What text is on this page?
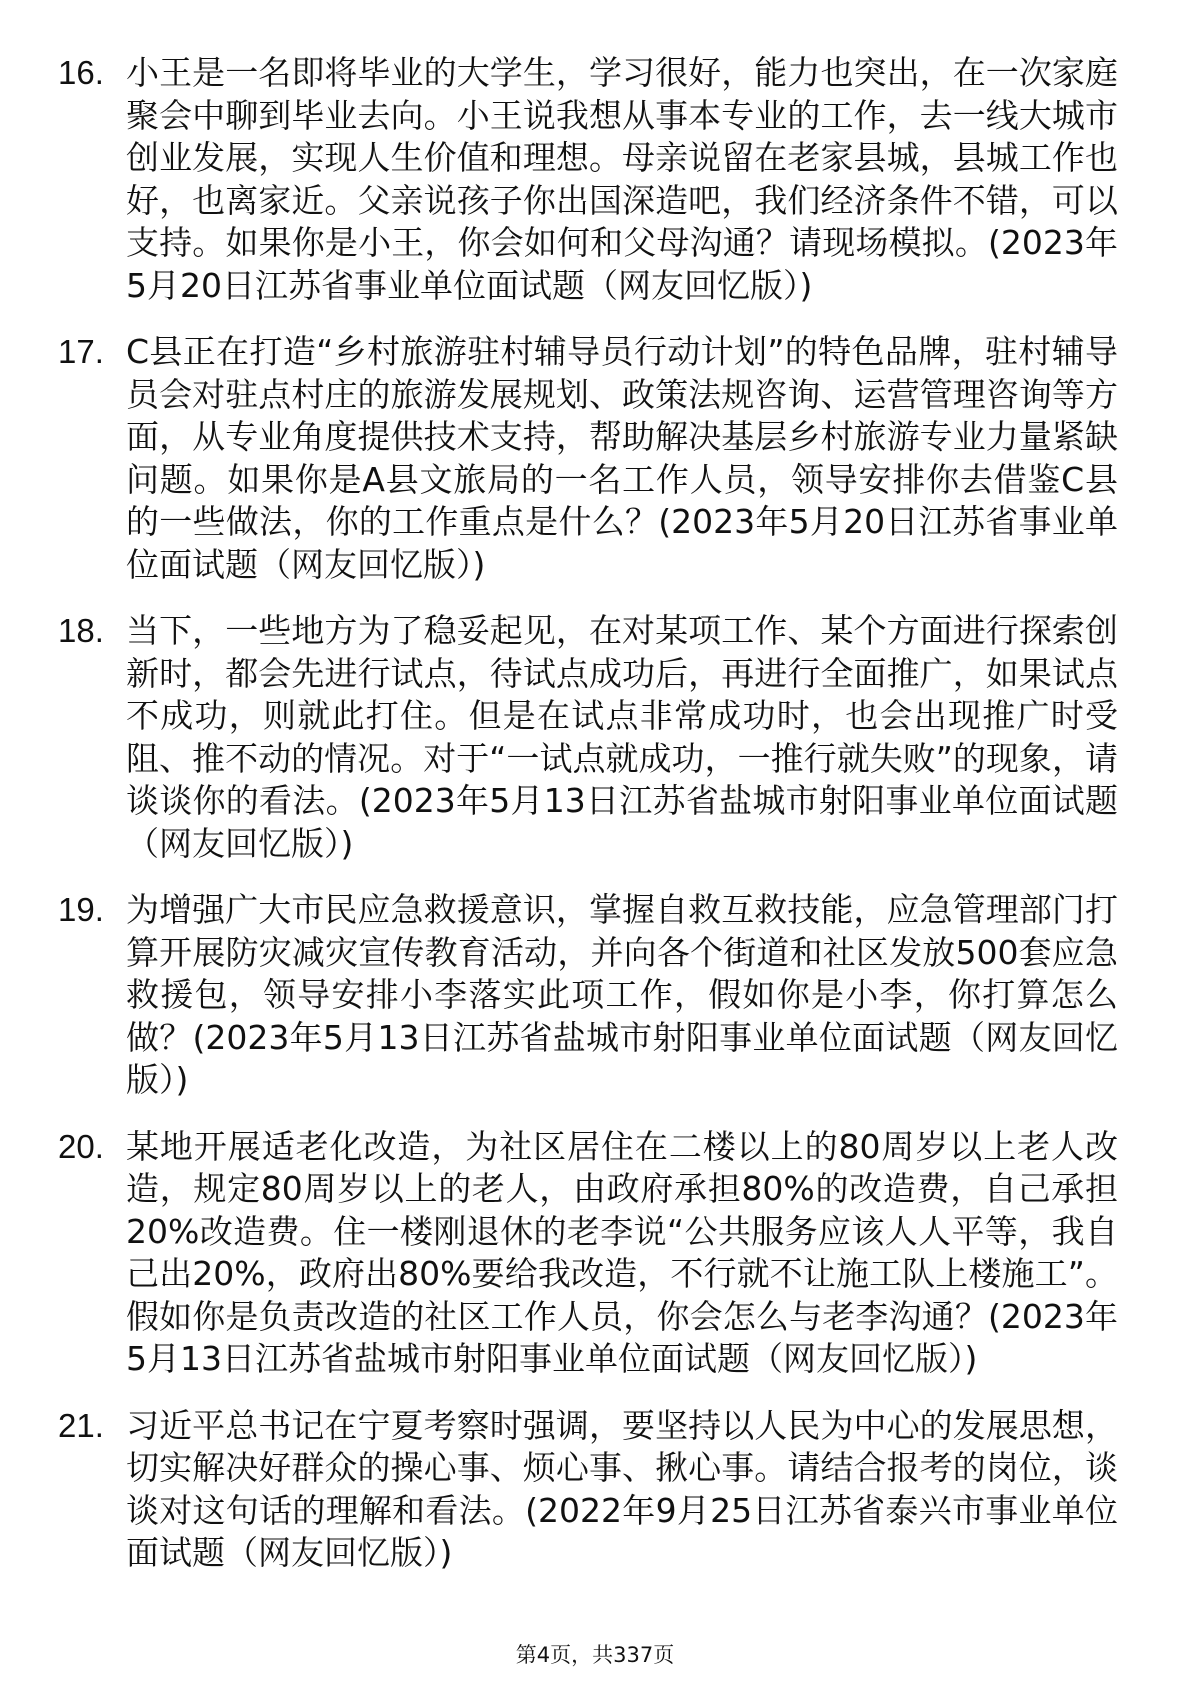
16. 小王是一名即将毕业的大学生，学习很好，能力也突出，在一次家庭聚会中聊到毕业去向。小王说我想从事本专业的工作，去一线大城市创业发展，实现人生价值和理想。母亲说留在老家县城，县城工作也好，也离家近。父亲说孩子你出国深造吧，我们经济条件不错，可以支持。如果你是小王，你会如何和父母沟通？请现场模拟。(2023年5月20日江苏省事业单位面试题（网友回忆版）)
17. C县正在打造“乡村旅游驻村辅导员行动计划”的特色品牌，驻村辅导员会对驻点村庄的旅游发展规划、政策法规咨询、运营管理咨询等方面，从专业角度提供技术支持，帮助解决基层乡村旅游专业力量紧缺问题。如果你是A县文旅局的一名工作人员，领导安排你去借鉴C县的一些做法，你的工作重点是什么？(2023年5月20日江苏省事业单位面试题（网友回忆版）)
18. 当下，一些地方为了稳妥起见，在对某项工作、某个方面进行探索创新时，都会先进行试点，待试点成功后，再进行全面推广，如果试点不成功，则就此打住。但是在试点非常成功时，也会出现推广时受阻、推不动的情况。对于“一试点就成功，一推行就失败”的现象，请谈谈你的看法。(2023年5月13日江苏省盐城市射阳事业单位面试题（网友回忆版）)
19. 为增强广大市民应急救援意识，掌握自救互救技能，应急管理部门打算开展防灾减灾宣传教育活动，并向各个街道和社区发放500套应急救援包，领导安排小李落实此项工作，假如你是小李，你打算怎么做？(2023年5月13日江苏省盐城市射阳事业单位面试题（网友回忆版）)
20. 某地开展适老化改造，为社区居住在二楼以上的80周岁以上老人改造，规定80周岁以上的老人，由政府承担80%的改造费，自己承担20%改造费。住一楼刚退休的老李说“公共服务应该人人平等，我自己出20%，政府出80%要给我改造，不行就不让施工队上楼施工”。假如你是负责改造的社区工作人员，你会怎么与老李沟通？(2023年5月13日江苏省盐城市射阳事业单位面试题（网友回忆版）)
21. 习近平总书记在宁夏考察时强调，要坚持以人民为中心的发展思想，切实解决好群众的操心事、烦心事、揪心事。请结合报考的岗位，谈谈对这句话的理解和看法。(2022年9月25日江苏省泰兴市事业单位面试题（网友回忆版）)
第4页，共337页
